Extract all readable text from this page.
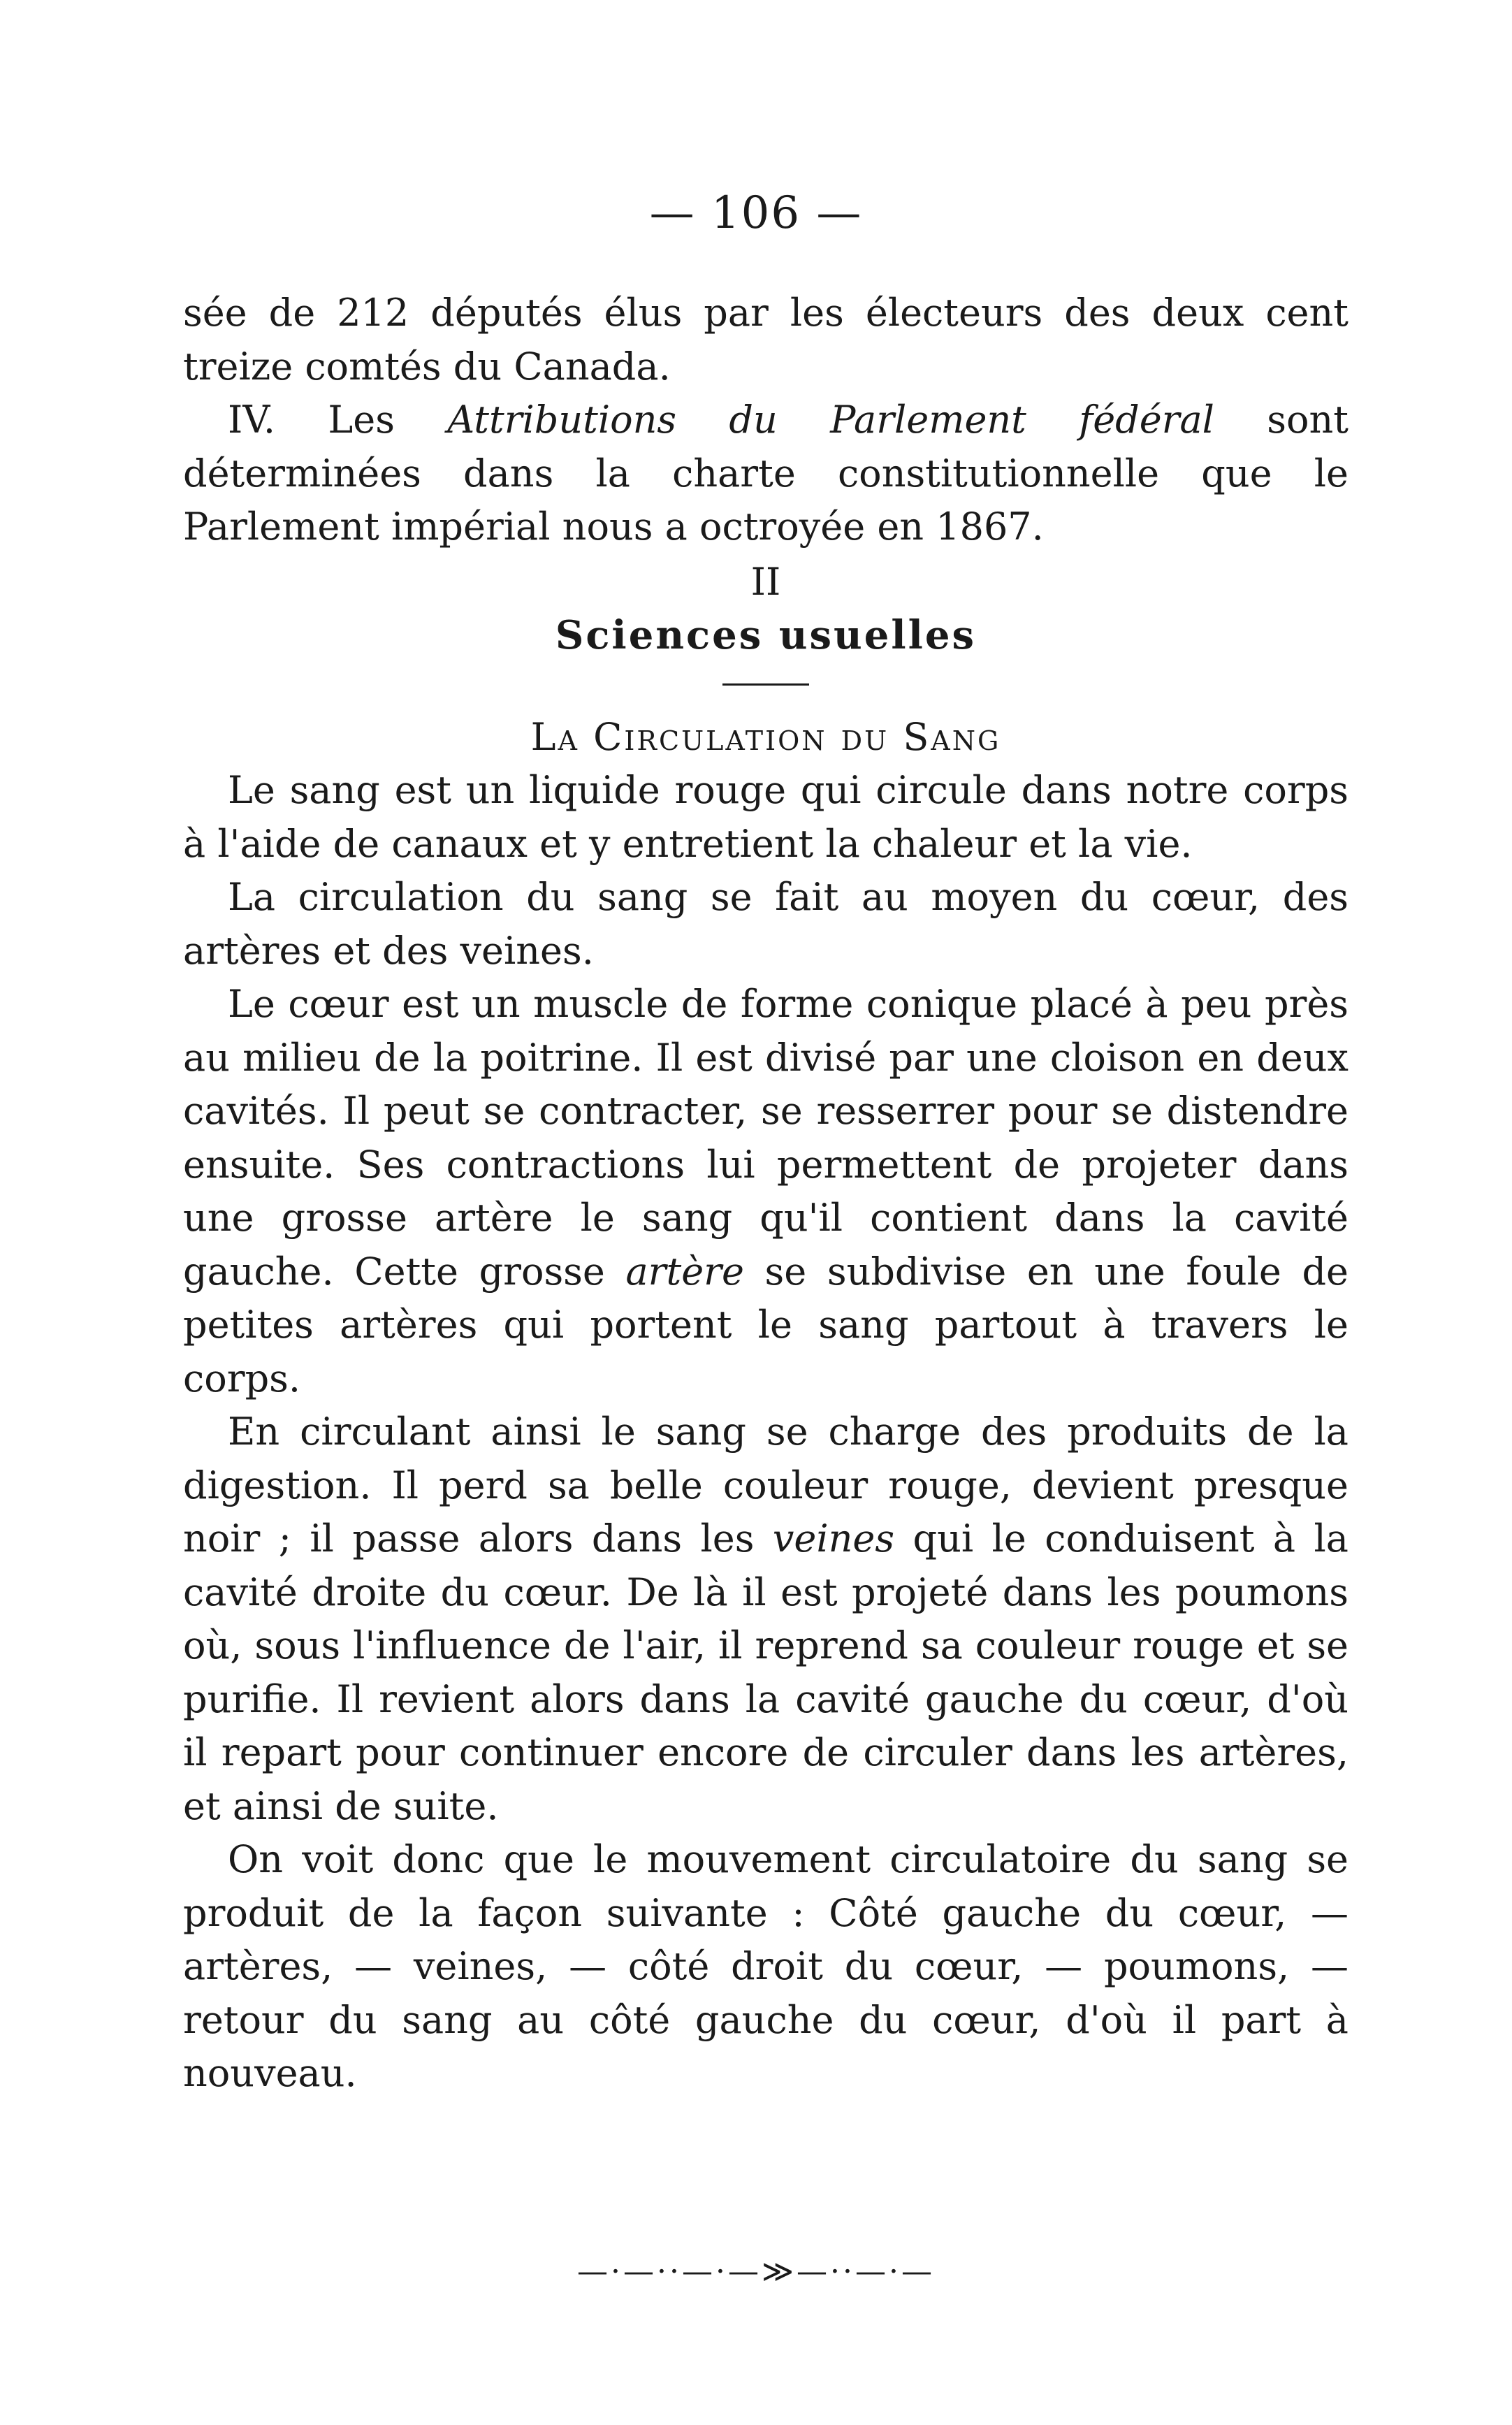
— 106 —

sée de 212 députés élus par les électeurs des deux cent treize comtés du Canada.

IV. Les Attributions du Parlement fédéral sont déterminées dans la charte constitutionnelle que le Parlement impérial nous a octroyée en 1867.

II

Sciences usuelles

La Circulation du Sang

Le sang est un liquide rouge qui circule dans notre corps à l'aide de canaux et y entretient la chaleur et la vie.

La circulation du sang se fait au moyen du cœur, des artères et des veines.

Le cœur est un muscle de forme conique placé à peu près au milieu de la poitrine. Il est divisé par une cloison en deux cavités. Il peut se contracter, se resserrer pour se distendre ensuite. Ses contractions lui permettent de projeter dans une grosse artère le sang qu'il contient dans la cavité gauche. Cette grosse artère se subdivise en une foule de petites artères qui portent le sang partout à travers le corps.

En circulant ainsi le sang se charge des produits de la digestion. Il perd sa belle couleur rouge, devient presque noir ; il passe alors dans les veines qui le conduisent à la cavité droite du cœur. De là il est projeté dans les poumons où, sous l'influence de l'air, il reprend sa couleur rouge et se purifie. Il revient alors dans la cavité gauche du cœur, d'où il repart pour continuer encore de circuler dans les artères, et ainsi de suite.

On voit donc que le mouvement circulatoire du sang se produit de la façon suivante : Côté gauche du cœur, — artères, — veines, — côté droit du cœur, — poumons, — retour du sang au côté gauche du cœur, d'où il part à nouveau.

—·—··—·—≫—··—·—
